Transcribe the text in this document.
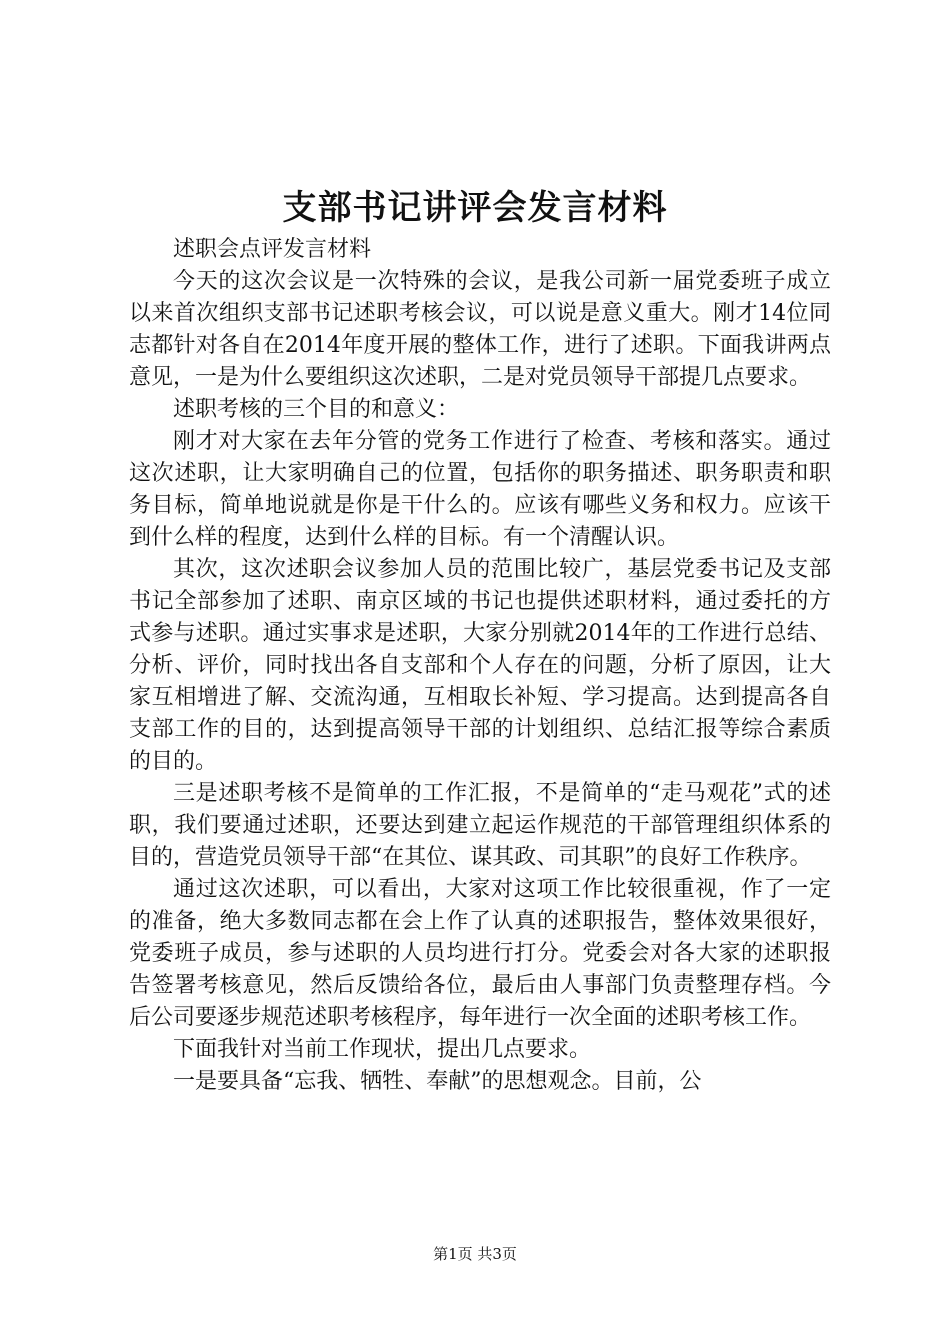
支部书记讲评会发言材料

述职会点评发言材料

今天的这次会议是一次特殊的会议，是我公司新一届党委班子成立以来首次组织支部书记述职考核会议，可以说是意义重大。刚才14位同志都针对各自在2014年度开展的整体工作，进行了述职。下面我讲两点意见，一是为什么要组织这次述职，二是对党员领导干部提几点要求。

述职考核的三个目的和意义：

刚才对大家在去年分管的党务工作进行了检查、考核和落实。通过这次述职，让大家明确自己的位置，包括你的职务描述、职务职责和职务目标，简单地说就是你是干什么的。应该有哪些义务和权力。应该干到什么样的程度，达到什么样的目标。有一个清醒认识。

其次，这次述职会议参加人员的范围比较广，基层党委书记及支部书记全部参加了述职、南京区域的书记也提供述职材料，通过委托的方式参与述职。通过实事求是述职，大家分别就2014年的工作进行总结、分析、评价，同时找出各自支部和个人存在的问题，分析了原因，让大家互相增进了解、交流沟通，互相取长补短、学习提高。达到提高各自支部工作的目的，达到提高领导干部的计划组织、总结汇报等综合素质的目的。

三是述职考核不是简单的工作汇报，不是简单的“走马观花”式的述职，我们要通过述职，还要达到建立起运作规范的干部管理组织体系的目的，营造党员领导干部“在其位、谋其政、司其职”的良好工作秩序。

通过这次述职，可以看出，大家对这项工作比较很重视，作了一定的准备，绝大多数同志都在会上作了认真的述职报告，整体效果很好，党委班子成员，参与述职的人员均进行打分。党委会对各大家的述职报告签署考核意见，然后反馈给各位，最后由人事部门负责整理存档。今后公司要逐步规范述职考核程序，每年进行一次全面的述职考核工作。

下面我针对当前工作现状，提出几点要求。

一是要具备“忘我、牺牲、奉献”的思想观念。目前，公

第1页 共3页
